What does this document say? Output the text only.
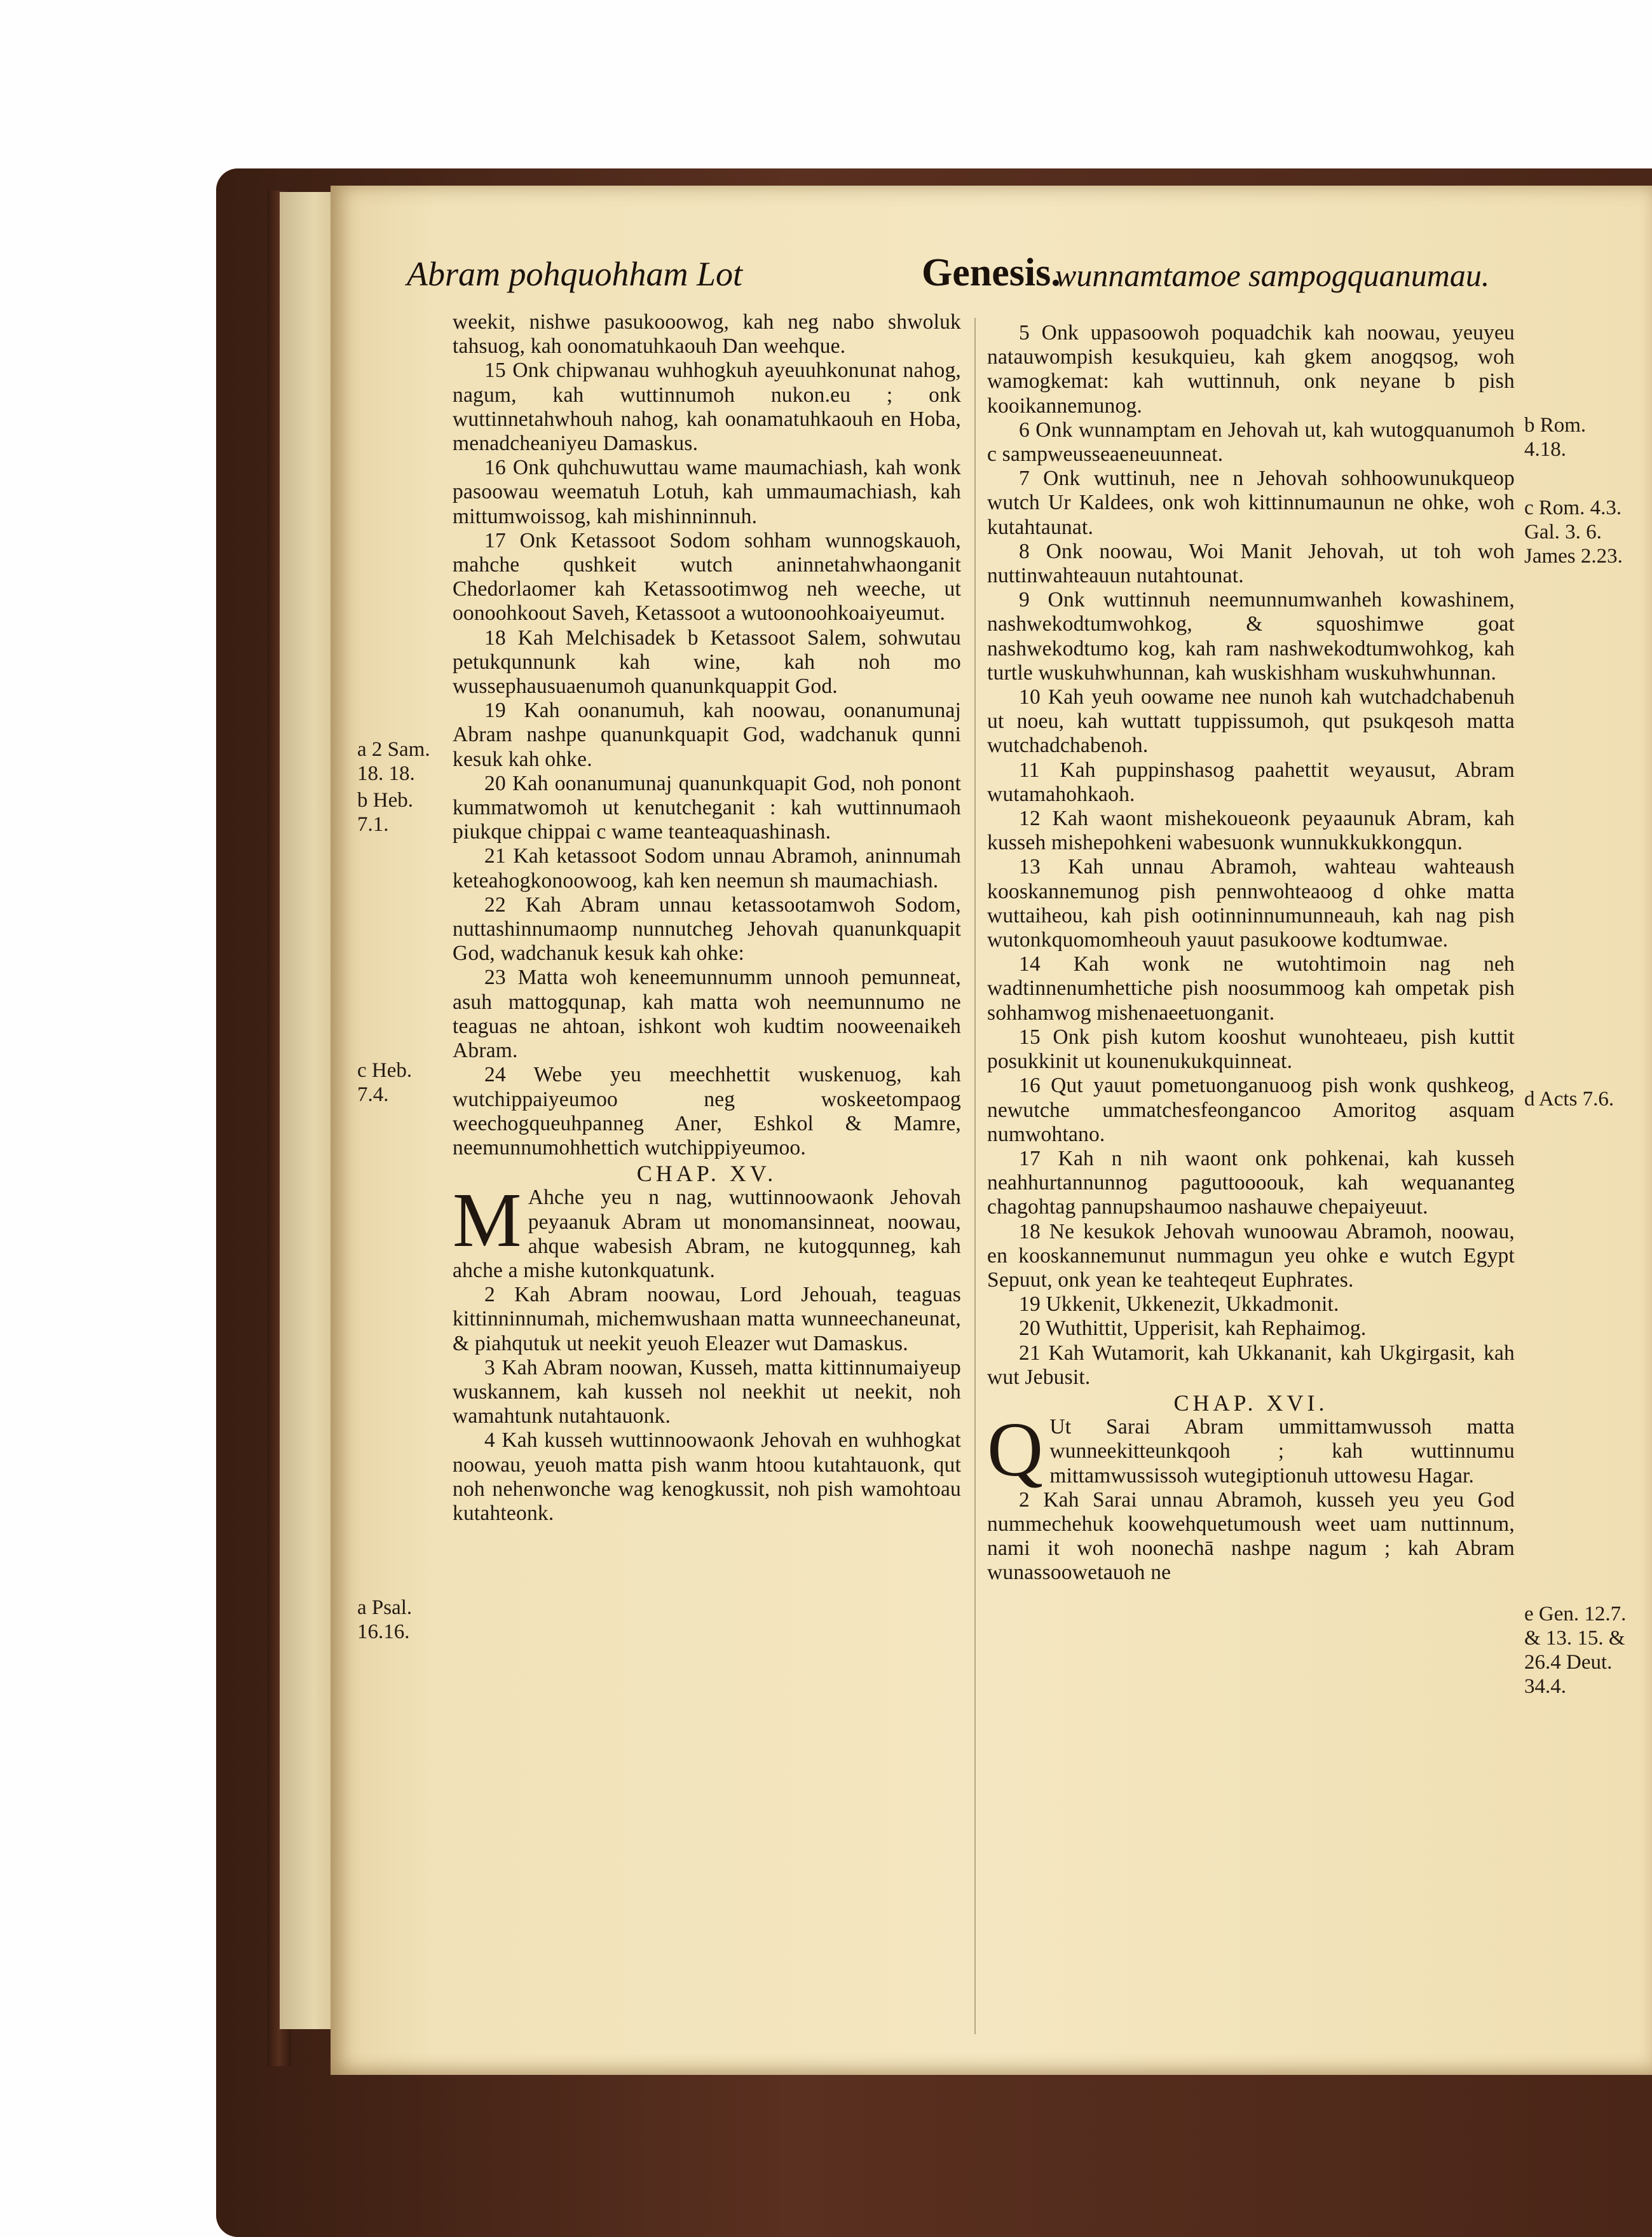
Abram pohquohham Lot	Genesis.
wunnamtamoe sampogquanumau.

weekit, nishwe pasukooowog, kah neg nabo shwoluk tahsuog, kah oonomatuhkaouh Dan weehque.

15 Onk chipwanau wuhhogkuh ayeuuhkonunat nahog, nagum, kah wuttinnumoh nukon.eu ; onk wuttinnetahwhouh nahog, kah oonamatuhkaouh en Hoba, menadcheaniyeu Damaskus.

16 Onk quhchuwuttau wame maumachiash, kah wonk pasoowau weematuh Lotuh, kah ummaumachiash, kah mittumwoissog, kah mishinninnuh.

17 Onk Ketassoot Sodom sohham wunnogskauoh, mahche qushkeit wutch aninnetahwhaonganit Chedorlaomer kah Ketassootimwog neh weeche, ut oonoohkoout Saveh, Ketassoot a wutoonoohkoaiyeumut.

18 Kah Melchisadek b Ketassoot Salem, sohwutau petukqunnunk kah wine, kah noh mo wussephausuaenumoh quanunkquappit God.

19 Kah oonanumuh, kah noowau, oonanumunaj Abram nashpe quanunkquapit God, wadchanuk qunni kesuk kah ohke.

20 Kah oonanumunaj quanunkquapit God, noh ponont kummatwomoh ut kenutcheganit : kah wuttinnumaoh piukque chippai c wame teanteaquashinash.

21 Kah ketassoot Sodom unnau Abramoh, aninnumah keteahogkonoowoog, kah ken neemun sh maumachiash.

22 Kah Abram unnau ketassootamwoh Sodom, nuttashinnumaomp nunnutcheg Jehovah quanunkquapit God, wadchanuk kesuk kah ohke:

23 Matta woh keneemunnumm unnooh pemunneat, asuh mattogqunap, kah matta woh neemunnumo ne teaguas ne ahtoan, ishkont woh kudtim nooweenaikeh Abram.

24 Webe yeu meechhettit wuskenuog, kah wutchippaiyeumoo neg woskeetompaog weechogqueuhpanneg Aner, Eshkol & Mamre, neemunnumohhettich wutchippiyeumoo.

CHAP. XV.

M Ahche yeu n nag, wuttinnoowaonk Jehovah peyaanuk Abram ut monomansinneat, noowau, ahque wabesish Abram, ne kutogqunneg, kah ahche a mishe kutonkquatunk.

2 Kah Abram noowau, Lord Jehouah, teaguas kittinninnumah, michemwushaan matta wunneechaneunat, & piahqutuk ut neekit yeuoh Eleazer wut Damaskus.

3 Kah Abram noowan, Kusseh, matta kittinnumaiyeup wuskannem, kah kusseh nol neekhit ut neekit, noh wamahtunk nutahtauonk.

4 Kah kusseh wuttinnoowaonk Jehovah en wuhhogkat noowau, yeuoh matta pish wanm htoou kutahtauonk, qut noh nehenwonche wag kenogkussit, noh pish wamohtoau kutahteonk.

5 Onk uppasoowoh poquadchik kah noowau, yeuyeu natauwompish kesukquieu, kah gkem anogqsog, woh wamogkemat: kah wuttinnuh, onk neyane b pish kooikannemunog.

6 Onk wunnamptam en Jehovah ut, kah wutogquanumoh c sampweusseaeneuunneat.

7 Onk wuttinuh, nee n Jehovah sohhoowunukqueop wutch Ur Kaldees, onk woh kittinnumaunun ne ohke, woh kutahtaunat.

8 Onk noowau, Woi Manit Jehovah, ut toh woh nuttinwahteauun nutahtounat.

9 Onk wuttinnuh neemunnumwanheh kowashinem, nashwekodtumwohkog, & squoshimwe goat nashwekodtumo kog, kah ram nashwekodtumwohkog, kah turtle wuskuhwhunnan, kah wuskishham wuskuhwhunnan.

10 Kah yeuh oowame nee nunoh kah wutchadchabenuh ut noeu, kah wuttatt tuppissumoh, qut psukqesoh matta wutchadchabenoh.

11 Kah puppinshasog paahettit weyausut, Abram wutamahohkaoh.

12 Kah waont mishekoueonk peyaaunuk Abram, kah kusseh mishepohkeni wabesuonk wunnukkukkongqun.

13 Kah unnau Abramoh, wahteau wahteaush kooskannemunog pish pennwohteaoog d ohke matta wuttaiheou, kah pish ootinninnumunneauh, kah nag pish wutonkquomomheouh yauut pasukoowe kodtumwae.

14 Kah wonk ne wutohtimoin nag neh wadtinnenumhettiche pish noosummoog kah ompetak pish sohhamwog mishenaeetuonganit.

15 Onk pish kutom kooshut wunohteaeu, pish kuttit posukkinit ut kounenukukquinneat.

16 Qut yauut pometuonganuoog pish wonk qushkeog, newutche ummatchesfeongancoo Amoritog asquam numwohtano.

17 Kah n nih waont onk pohkenai, kah kusseh neahhurtannunnog paguttoooouk, kah wequananteg chagohtag pannupshaumoo nashauwe chepaiyeuut.

18 Ne kesukok Jehovah wunoowau Abramoh, noowau, en kooskannemunut nummagun yeu ohke e wutch Egypt Sepuut, onk yean ke teahteqeut Euphrates.

19 Ukkenit, Ukkenezit, Ukkadmonit.

20 Wuthittit, Upperisit, kah Rephaimog.

21 Kah Wutamorit, kah Ukkananit, kah Ukgirgasit, kah wut Jebusit.

CHAP. XVI.

Q Ut Sarai Abram ummittamwussoh matta wunneekitteunkqooh ; kah wuttinnumu mittamwussissoh wutegiptionuh uttowesu Hagar.

2 Kah Sarai unnau Abramoh, kusseh yeu yeu God nummechehuk koowehquetumoush weet uam nuttinnum, nami it woh noonechā nashpe nagum ; kah Abram wunassoowetauoh ne

a 2 Sam. 18. 18.
b Heb. 7.1.
c Heb. 7.4.
a Psal. 16.16.
b Rom. 4.18.
c Rom. 4.3. Gal. 3. 6. James 2.23.
d Acts 7.6.
e Gen. 12.7. & 13. 15. & 26.4 Deut. 34.4.
